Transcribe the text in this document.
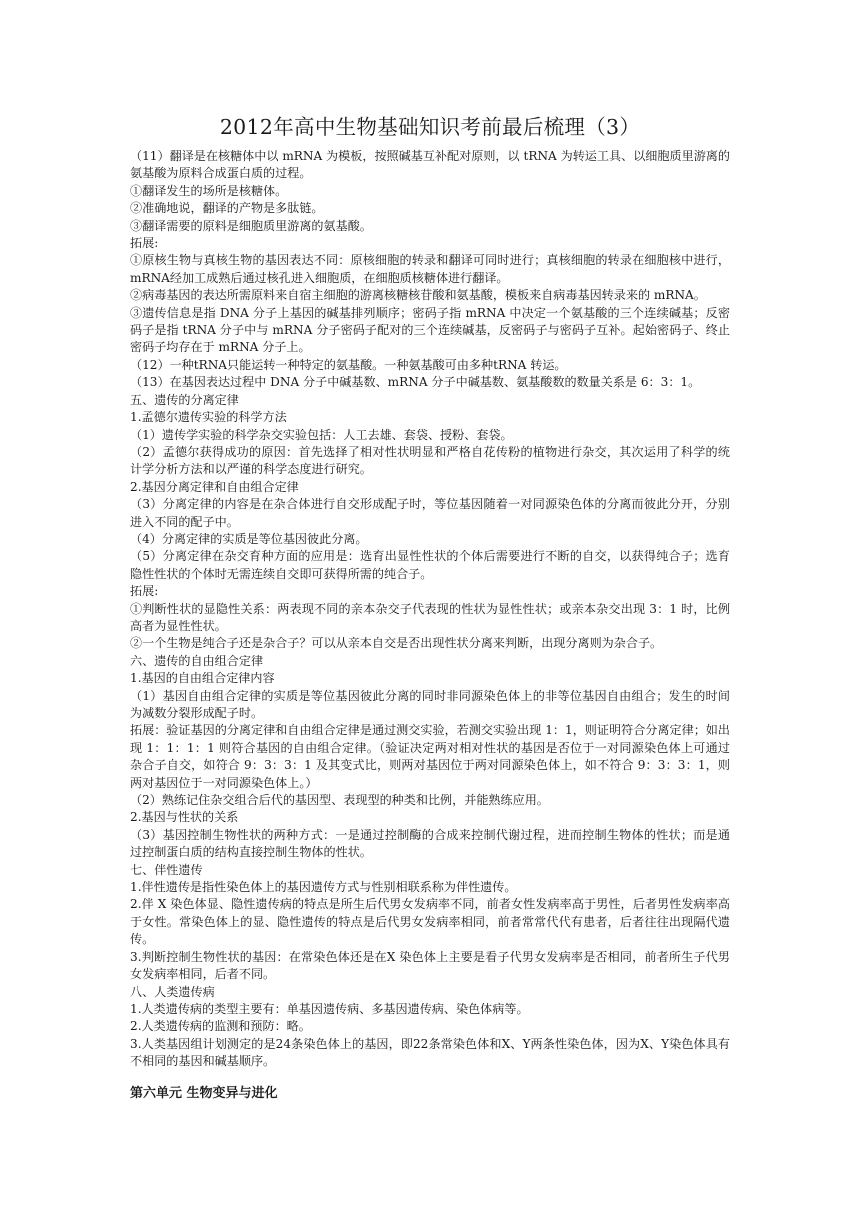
2012年高中生物基础知识考前最后梳理（3）

（11）翻译是在核糖体中以 mRNA 为模板，按照碱基互补配对原则，以 tRNA 为转运工具、以细胞质里游离的氨基酸为原料合成蛋白质的过程。

①翻译发生的场所是核糖体。

②准确地说，翻译的产物是多肽链。

③翻译需要的原料是细胞质里游离的氨基酸。

拓展:

①原核生物与真核生物的基因表达不同：原核细胞的转录和翻译可同时进行；真核细胞的转录在细胞核中进行，mRNA经加工成熟后通过核孔进入细胞质，在细胞质核糖体进行翻译。

②病毒基因的表达所需原料来自宿主细胞的游离核糖核苷酸和氨基酸，模板来自病毒基因转录来的 mRNA。

③遗传信息是指 DNA 分子上基因的碱基排列顺序；密码子指 mRNA 中决定一个氨基酸的三个连续碱基；反密码子是指 tRNA 分子中与 mRNA 分子密码子配对的三个连续碱基，反密码子与密码子互补。起始密码子、终止密码子均存在于 mRNA 分子上。

（12）一种tRNA只能运转一种特定的氨基酸。一种氨基酸可由多种tRNA 转运。

（13）在基因表达过程中 DNA 分子中碱基数、mRNA 分子中碱基数、氨基酸数的数量关系是 6：3：1。

五、遗传的分离定律

1.孟德尔遗传实验的科学方法

（1）遗传学实验的科学杂交实验包括：人工去雄、套袋、授粉、套袋。

（2）孟德尔获得成功的原因：首先选择了相对性状明显和严格自花传粉的植物进行杂交，其次运用了科学的统计学分析方法和以严谨的科学态度进行研究。

2.基因分离定律和自由组合定律

（3）分离定律的内容是在杂合体进行自交形成配子时，等位基因随着一对同源染色体的分离而彼此分开，分别进入不同的配子中。

（4）分离定律的实质是等位基因彼此分离。

（5）分离定律在杂交育种方面的应用是：选育出显性性状的个体后需要进行不断的自交，以获得纯合子；选育隐性性状的个体时无需连续自交即可获得所需的纯合子。

拓展:

①判断性状的显隐性关系：两表现不同的亲本杂交子代表现的性状为显性性状；或亲本杂交出现 3：1 时，比例高者为显性性状。

②一个生物是纯合子还是杂合子？可以从亲本自交是否出现性状分离来判断，出现分离则为杂合子。

六、遗传的自由组合定律

1.基因的自由组合定律内容

（1）基因自由组合定律的实质是等位基因彼此分离的同时非同源染色体上的非等位基因自由组合；发生的时间为减数分裂形成配子时。

拓展：验证基因的分离定律和自由组合定律是通过测交实验，若测交实验出现 1：1，则证明符合分离定律；如出现 1：1：1：1 则符合基因的自由组合定律。（验证决定两对相对性状的基因是否位于一对同源染色体上可通过杂合子自交，如符合 9：3：3：1 及其变式比，则两对基因位于两对同源染色体上，如不符合 9：3：3：1，则两对基因位于一对同源染色体上。）

（2）熟练记住杂交组合后代的基因型、表现型的种类和比例，并能熟练应用。

2.基因与性状的关系

（3）基因控制生物性状的两种方式：一是通过控制酶的合成来控制代谢过程，进而控制生物体的性状；而是通过控制蛋白质的结构直接控制生物体的性状。

七、伴性遗传

1.伴性遗传是指性染色体上的基因遗传方式与性别相联系称为伴性遗传。

2.伴 X 染色体显、隐性遗传病的特点是所生后代男女发病率不同，前者女性发病率高于男性，后者男性发病率高于女性。常染色体上的显、隐性遗传的特点是后代男女发病率相同，前者常常代代有患者，后者往往出现隔代遗传。

3.判断控制生物性状的基因：在常染色体还是在X 染色体上主要是看子代男女发病率是否相同，前者所生子代男女发病率相同，后者不同。

八、人类遗传病

1.人类遗传病的类型主要有：单基因遗传病、多基因遗传病、染色体病等。

2.人类遗传病的监测和预防：略。

3.人类基因组计划测定的是24条染色体上的基因，即22条常染色体和X、Y两条性染色体，因为X、Y染色体具有不相同的基因和碱基顺序。

第六单元 生物变异与进化
